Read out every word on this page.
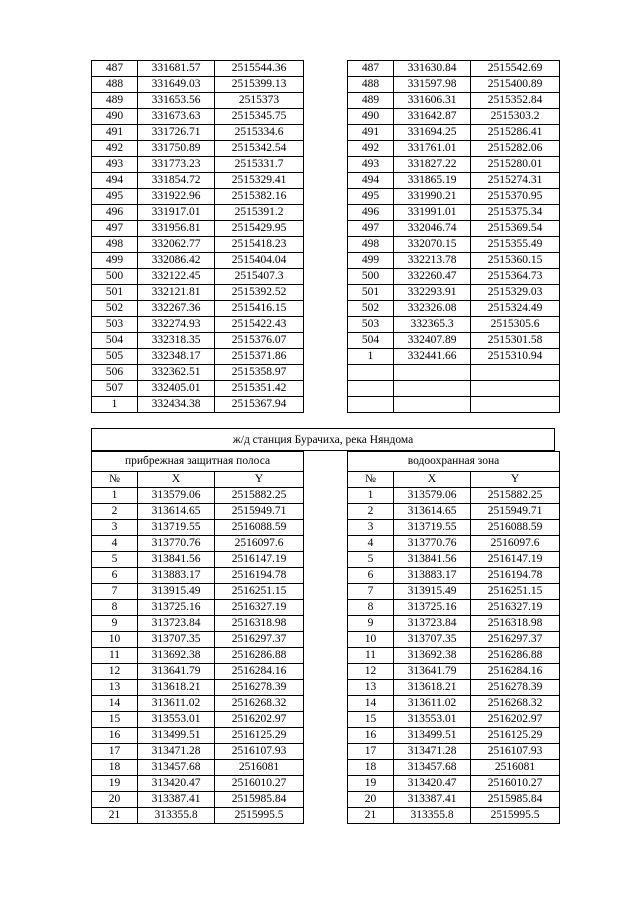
487	331681.57	2515544.36
488	331649.03	2515399.13
489	331653.56	2515373
490	331673.63	2515345.75
491	331726.71	2515334.6
492	331750.89	2515342.54
493	331773.23	2515331.7
494	331854.72	2515329.41
495	331922.96	2515382.16
496	331917.01	2515391.2
497	331956.81	2515429.95
498	332062.77	2515418.23
499	332086.42	2515404.04
500	332122.45	2515407.3
501	332121.81	2515392.52
502	332267.36	2515416.15
503	332274.93	2515422.43
504	332318.35	2515376.07
505	332348.17	2515371.86
506	332362.51	2515358.97
507	332405.01	2515351.42
1	332434.38	2515367.94
487	331630.84	2515542.69
488	331597.98	2515400.89
489	331606.31	2515352.84
490	331642.87	2515303.2
491	331694.25	2515286.41
492	331761.01	2515282.06
493	331827.22	2515280.01
494	331865.19	2515274.31
495	331990.21	2515370.95
496	331991.01	2515375.34
497	332046.74	2515369.54
498	332070.15	2515355.49
499	332213.78	2515360.15
500	332260.47	2515364.73
501	332293.91	2515329.03
502	332326.08	2515324.49
503	332365.3	2515305.6
504	332407.89	2515301.58
1	332441.66	2515310.94

ж/д станция Бурачиха, река Няндома
прибрежная защитная полоса		
№	X	Y
1	313579.06	2515882.25
2	313614.65	2515949.71
3	313719.55	2516088.59
4	313770.76	2516097.6
5	313841.56	2516147.19
6	313883.17	2516194.78
7	313915.49	2516251.15
8	313725.16	2516327.19
9	313723.84	2516318.98
10	313707.35	2516297.37
11	313692.38	2516286.88
12	313641.79	2516284.16
13	313618.21	2516278.39
14	313611.02	2516268.32
15	313553.01	2516202.97
16	313499.51	2516125.29
17	313471.28	2516107.93
18	313457.68	2516081
19	313420.47	2516010.27
20	313387.41	2515985.84
21	313355.8	2515995.5
водоохранная зона		
№	X	Y
1	313579.06	2515882.25
2	313614.65	2515949.71
3	313719.55	2516088.59
4	313770.76	2516097.6
5	313841.56	2516147.19
6	313883.17	2516194.78
7	313915.49	2516251.15
8	313725.16	2516327.19
9	313723.84	2516318.98
10	313707.35	2516297.37
11	313692.38	2516286.88
12	313641.79	2516284.16
13	313618.21	2516278.39
14	313611.02	2516268.32
15	313553.01	2516202.97
16	313499.51	2516125.29
17	313471.28	2516107.93
18	313457.68	2516081
19	313420.47	2516010.27
20	313387.41	2515985.84
21	313355.8	2515995.5
